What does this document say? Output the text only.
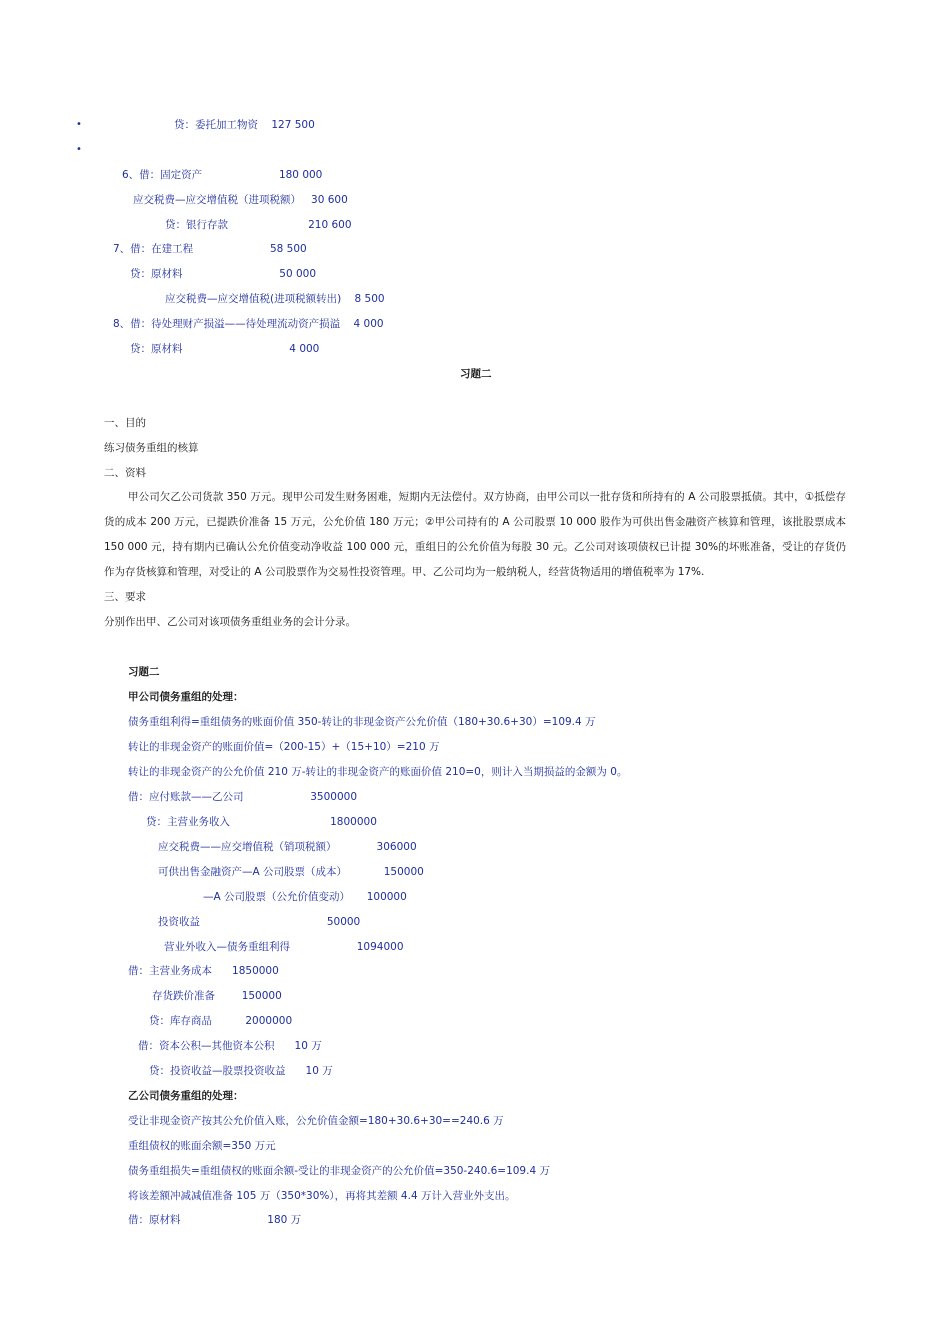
•	贷：委托加工物资    127 500
•
6、借：固定资产                       180 000
应交税费—应交增值税（进项税额）   30 600
贷：银行存款                        210 600
7、借：在建工程                       58 500
贷：原材料                             50 000
应交税费—应交增值税(进项税额转出)    8 500
8、借：待处理财产损溢——待处理流动资产损溢    4 000
贷：原材料                                4 000
习题二
一、目的
练习债务重组的核算
二、资料
甲公司欠乙公司货款 350 万元。现甲公司发生财务困难，短期内无法偿付。双方协商，由甲公司以一批存货和所持有的 A 公司股票抵债。其中，①抵偿存货的成本 200 万元，已提跌价准备 15 万元，公允价值 180 万元；②甲公司持有的 A 公司股票 10 000 股作为可供出售金融资产核算和管理，该批股票成本 150 000 元，持有期内已确认公允价值变动净收益 100 000 元，重组日的公允价值为每股 30 元。乙公司对该项债权已计提 30%的坏账准备，受让的存货仍作为存货核算和管理，对受让的 A 公司股票作为交易性投资管理。甲、乙公司均为一般纳税人，经营货物适用的增值税率为 17%.
三、要求
分别作出甲、乙公司对该项债务重组业务的会计分录。
习题二
甲公司债务重组的处理：
债务重组利得=重组债务的账面价值 350-转让的非现金资产公允价值（180+30.6+30）=109.4 万
转让的非现金资产的账面价值=（200-15）+（15+10）=210 万
转让的非现金资产的公允价值 210 万-转让的非现金资产的账面价值 210=0，则计入当期损益的金额为 0。
借：应付账款——乙公司                    3500000
贷：主营业务收入                              1800000
应交税费——应交增值税（销项税额）            306000
可供出售金融资产—A 公司股票（成本）           150000
—A 公司股票（公允价值变动）     100000
投资收益                                      50000
营业外收入—债务重组利得                    1094000
借：主营业务成本      1850000
存货跌价准备        150000
贷：库存商品          2000000
借：资本公积—其他资本公积      10 万
贷：投资收益—股票投资收益      10 万
乙公司债务重组的处理：
受让非现金资产按其公允价值入账，公允价值金额=180+30.6+30==240.6 万
重组债权的账面余额=350 万元
债务重组损失=重组债权的账面余额-受让的非现金资产的公允价值=350-240.6=109.4 万
将该差额冲减减值准备 105 万（350*30%），再将其差额 4.4 万计入营业外支出。
借：原材料                          180 万
